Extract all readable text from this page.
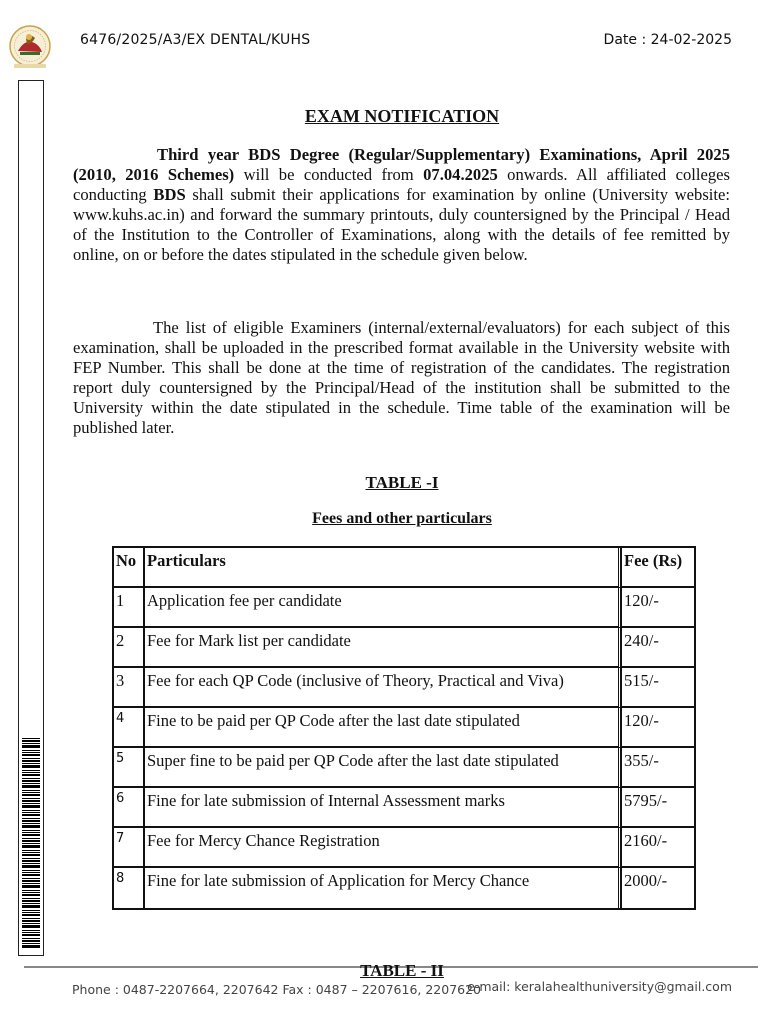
6476/2025/A3/EX DENTAL/KUHS	Date : 24-02-2025
EXAM NOTIFICATION
Third year BDS Degree (Regular/Supplementary) Examinations, April 2025 (2010, 2016 Schemes) will be conducted from 07.04.2025 onwards. All affiliated colleges conducting BDS shall submit their applications for examination by online (University website: www.kuhs.ac.in) and forward the summary printouts, duly countersigned by the Principal / Head of the Institution to the Controller of Examinations, along with the details of fee remitted by online, on or before the dates stipulated in the schedule given below.
The list of eligible Examiners (internal/external/evaluators) for each subject of this examination, shall be uploaded in the prescribed format available in the University website with FEP Number. This shall be done at the time of registration of the candidates. The registration report duly countersigned by the Principal/Head of the institution shall be submitted to the University within the date stipulated in the schedule. Time table of the examination will be published later.
TABLE -I
Fees and other particulars
No	Particulars	Fee (Rs)
1	Application fee per candidate	120/-
2	Fee for Mark list per candidate	240/-
3	Fee for each QP Code (inclusive of Theory, Practical and Viva)	515/-
4	Fine to be paid per QP Code after the last date stipulated	120/-
5	Super fine to be paid per QP Code after the last date stipulated	355/-
6	Fine for late submission of Internal Assessment marks	5795/-
7	Fee for Mercy Chance Registration	2160/-
8	Fine for late submission of Application for Mercy Chance	2000/-
TABLE - II
Phone : 0487-2207664, 2207642 Fax : 0487 – 2207616, 2207620
e-mail: keralahealthuniversity@gmail.com
